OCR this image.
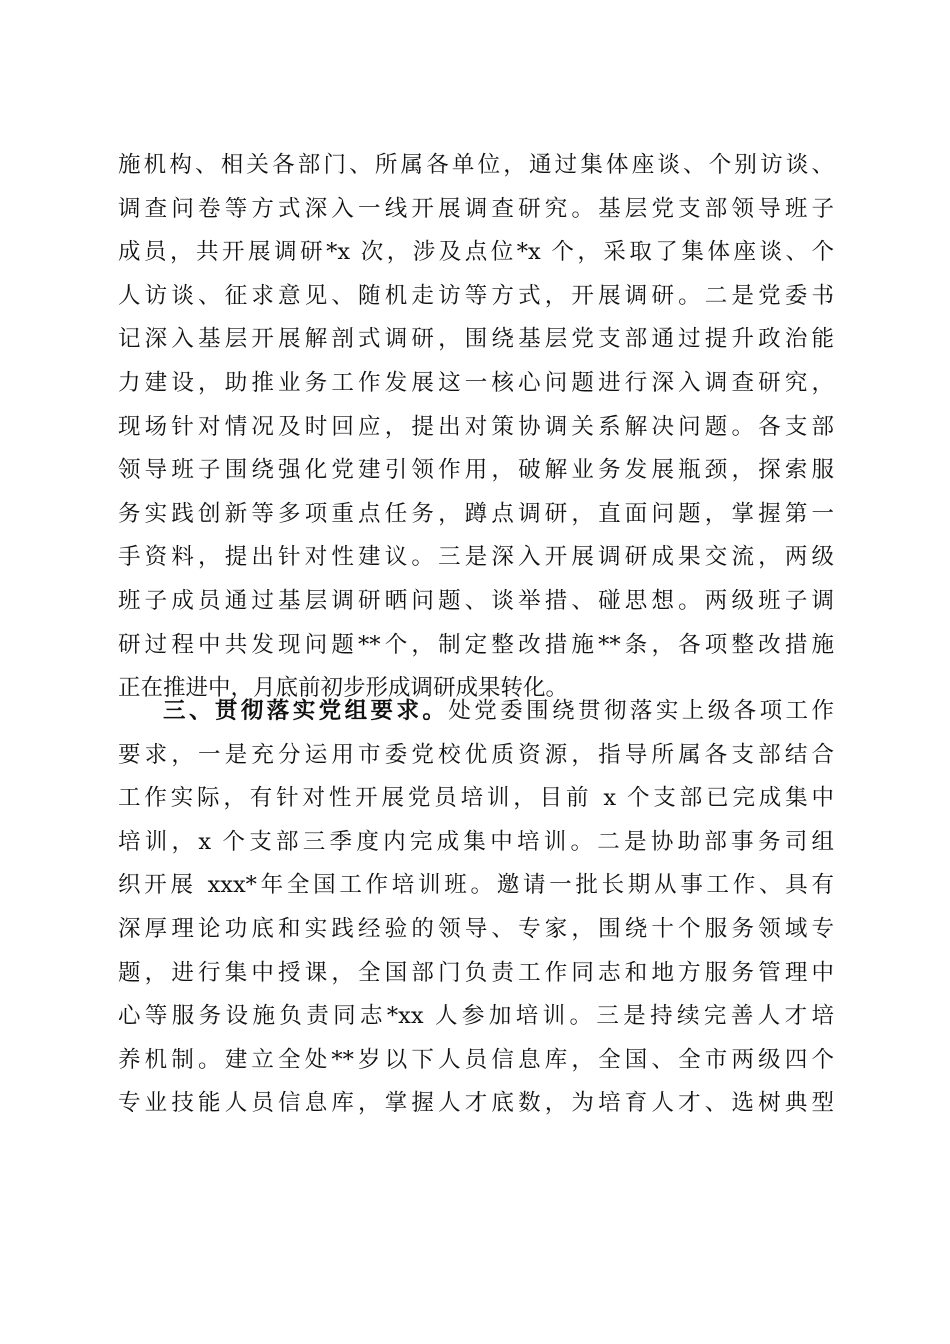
施机构、相关各部门、所属各单位，通过集体座谈、个别访谈、
调查问卷等方式深入一线开展调查研究。基层党支部领导班子
成员，共开展调研*x 次，涉及点位*x 个，采取了集体座谈、个
人访谈、征求意见、随机走访等方式，开展调研。二是党委书
记深入基层开展解剖式调研，围绕基层党支部通过提升政治能
力建设，助推业务工作发展这一核心问题进行深入调查研究，
现场针对情况及时回应，提出对策协调关系解决问题。各支部
领导班子围绕强化党建引领作用，破解业务发展瓶颈，探索服
务实践创新等多项重点任务，蹲点调研，直面问题，掌握第一
手资料，提出针对性建议。三是深入开展调研成果交流，两级
班子成员通过基层调研晒问题、谈举措、碰思想。两级班子调
研过程中共发现问题**个，制定整改措施**条，各项整改措施
正在推进中，月底前初步形成调研成果转化。
三、贯彻落实党组要求。处党委围绕贯彻落实上级各项工作
要求，一是充分运用市委党校优质资源，指导所属各支部结合
工作实际，有针对性开展党员培训，目前 x 个支部已完成集中
培训，x 个支部三季度内完成集中培训。二是协助部事务司组
织开展 xxx*年全国工作培训班。邀请一批长期从事工作、具有
深厚理论功底和实践经验的领导、专家，围绕十个服务领域专
题，进行集中授课，全国部门负责工作同志和地方服务管理中
心等服务设施负责同志*xx 人参加培训。三是持续完善人才培
养机制。建立全处**岁以下人员信息库，全国、全市两级四个
专业技能人员信息库，掌握人才底数，为培育人才、选树典型
